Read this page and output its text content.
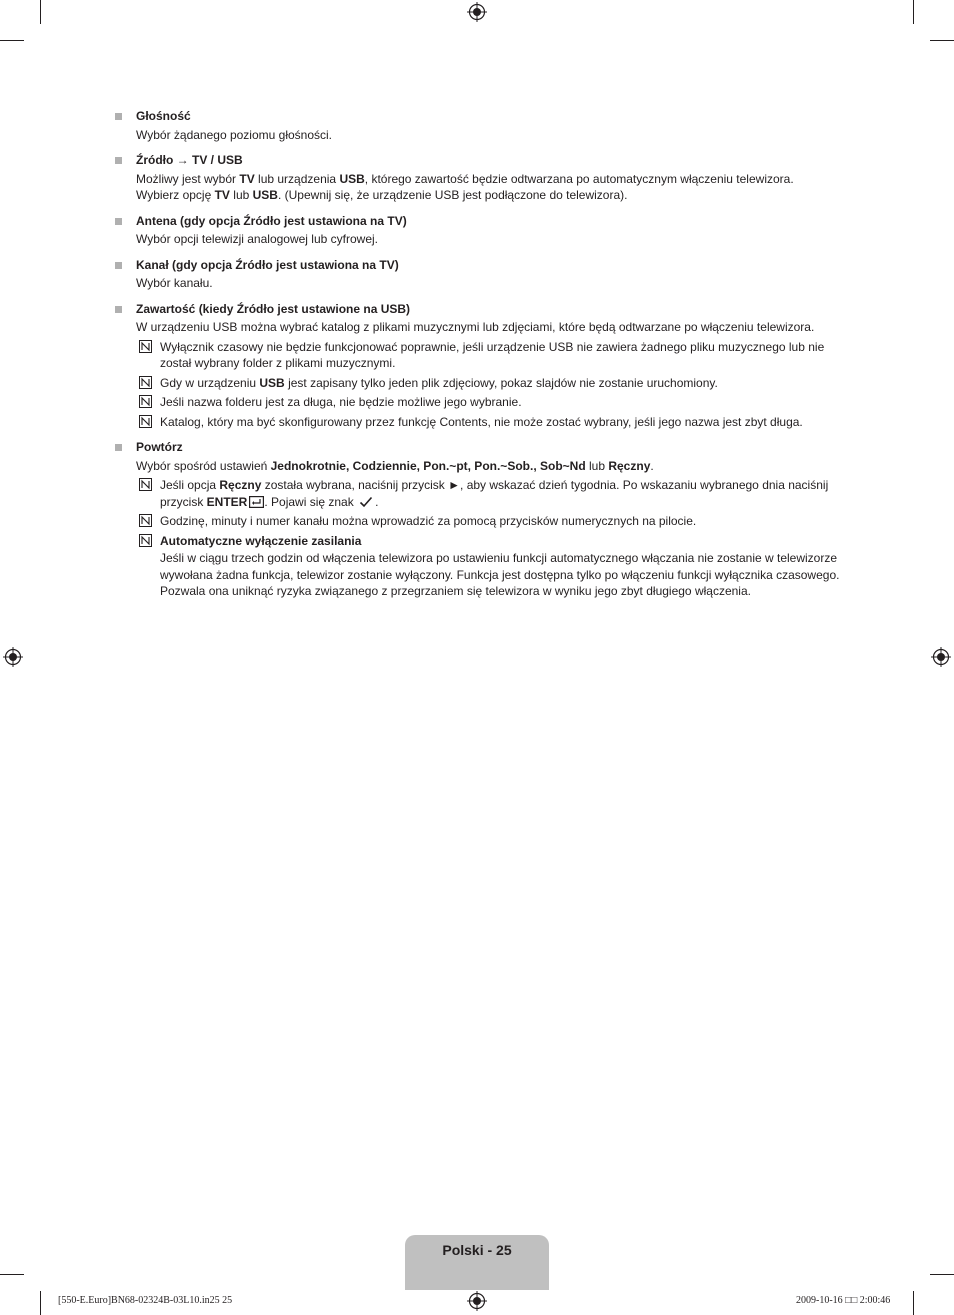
Głośność

Wybór żądanego poziomu głośności.

Źródło → TV / USB

Możliwy jest wybór TV lub urządzenia USB, którego zawartość będzie odtwarzana po automatycznym włączeniu telewizora.

Wybierz opcję TV lub USB. (Upewnij się, że urządzenie USB jest podłączone do telewizora).

Antena (gdy opcja Źródło jest ustawiona na TV)

Wybór opcji telewizji analogowej lub cyfrowej.

Kanał (gdy opcja Źródło jest ustawiona na TV)

Wybór kanału.

Zawartość (kiedy Źródło jest ustawione na USB)

W urządzeniu USB można wybrać katalog z plikami muzycznymi lub zdjęciami, które będą odtwarzane po włączeniu telewizora.

Wyłącznik czasowy nie będzie funkcjonować poprawnie, jeśli urządzenie USB nie zawiera żadnego pliku muzycznego lub nie został wybrany folder z plikami muzycznymi.
Gdy w urządzeniu USB jest zapisany tylko jeden plik zdjęciowy, pokaz slajdów nie zostanie uruchomiony.
Jeśli nazwa folderu jest za długa, nie będzie możliwe jego wybranie.
Katalog, który ma być skonfigurowany przez funkcję Contents, nie może zostać wybrany, jeśli jego nazwa jest zbyt długa.
Powtórz

Wybór spośród ustawień Jednokrotnie, Codziennie, Pon.~pt, Pon.~Sob., Sob~Nd lub Ręczny.

Jeśli opcja Ręczny została wybrana, naciśnij przycisk ►, aby wskazać dzień tygodnia. Po wskazaniu wybranego dnia naciśnij przycisk ENTER . Pojawi się znak .
Godzinę, minuty i numer kanału można wprowadzić za pomocą przycisków numerycznych na pilocie.
Automatyczne wyłączenie zasilania
Jeśli w ciągu trzech godzin od włączenia telewizora po ustawieniu funkcji automatycznego włączania nie zostanie w telewizorze wywołana żadna funkcja, telewizor zostanie wyłączony. Funkcja jest dostępna tylko po włączeniu funkcji wyłącznika czasowego. Pozwala ona uniknąć ryzyka związanego z przegrzaniem się telewizora w wyniku jego zbyt długiego włączenia.
Polski - 25
[550-E.Euro]BN68-02324B-03L10.in25 25	2009-10-16 □□ 2:00:46
